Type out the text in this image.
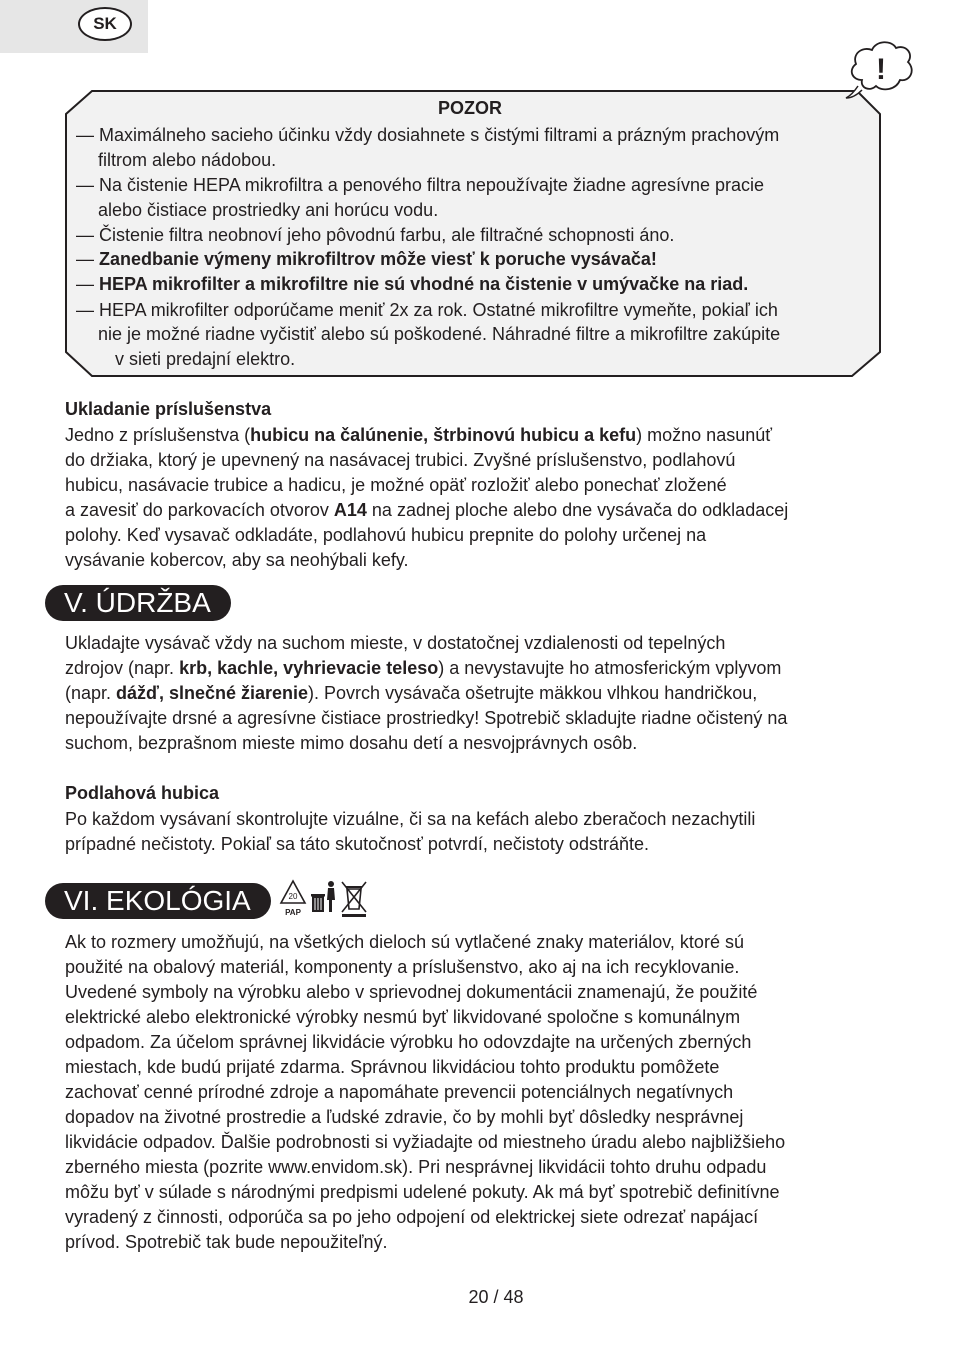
SK
!
POZOR
— Maximálneho sacieho účinku vždy dosiahnete s čistými filtrami a prázným prachovým
filtrom alebo nádobou.
— Na čistenie HEPA mikrofiltra a penového filtra nepoužívajte žiadne agresívne pracie
alebo čistiace prostriedky ani horúcu vodu.
— Čistenie filtra neobnoví jeho pôvodnú farbu, ale filtračné schopnosti áno.
— Zanedbanie výmeny mikrofiltrov môže viesť k poruche vysávača!
— HEPA mikrofilter a mikrofiltre nie sú vhodné na čistenie v umývačke na riad.
— HEPA mikrofilter odporúčame meniť 2x za rok. Ostatné mikrofiltre vymeňte, pokiaľ ich
nie je možné riadne vyčistiť alebo sú poškodené. Náhradné filtre a mikrofiltre zakúpite
v sieti predajní elektro.
Ukladanie príslušenstva
Jedno z príslušenstva (hubicu na čalúnenie, štrbinovú hubicu a kefu) možno nasunúť
do držiaka, ktorý je upevnený na nasávacej trubici. Zvyšné príslušenstvo, podlahovú
hubicu, nasávacie trubice a hadicu, je možné opäť rozložiť alebo ponechať zložené
a zavesiť do parkovacích otvorov A14 na zadnej ploche alebo dne vysávača do odkladacej
polohy. Keď vysavač odkladáte, podlahovú hubicu prepnite do polohy určenej na
vysávanie kobercov, aby sa neohýbali kefy.
V. ÚDRŽBA
Ukladajte vysávač vždy na suchom mieste, v dostatočnej vzdialenosti od tepelných
zdrojov (napr. krb, kachle, vyhrievacie teleso) a nevystavujte ho atmosferickým vplyvom
(napr. dážď, slnečné žiarenie). Povrch vysávača ošetrujte mäkkou vlhkou handričkou,
nepoužívajte drsné a agresívne čistiace prostriedky! Spotrebič skladujte riadne očistený na
suchom, bezprašnom mieste mimo dosahu detí a nesvojprávnych osôb.
Podlahová hubica
Po každom vysávaní skontrolujte vizuálne, či sa na kefách alebo zberačoch nezachytili
prípadné nečistoty. Pokiaľ sa táto skutočnosť potvrdí, nečistoty odstráňte.
VI. EKOLÓGIA	20
PAP
Ak to rozmery umožňujú, na všetkých dieloch sú vytlačené znaky materiálov, ktoré sú
použité na obalový materiál, komponenty a príslušenstvo, ako aj na ich recyklovanie.
Uvedené symboly na výrobku alebo v sprievodnej dokumentácii znamenajú, že použité
elektrické alebo elektronické výrobky nesmú byť likvidované spoločne s komunálnym
odpadom. Za účelom správnej likvidácie výrobku ho odovzdajte na určených zberných
miestach, kde budú prijaté zdarma. Správnou likvidáciou tohto produktu pomôžete
zachovať cenné prírodné zdroje a napomáhate prevencii potenciálnych negatívnych
dopadov na životné prostredie a ľudské zdravie, čo by mohli byť dôsledky nesprávnej
likvidácie odpadov. Ďalšie podrobnosti si vyžiadajte od miestneho úradu alebo najbližšieho
zberného miesta (pozrite www.envidom.sk). Pri nesprávnej likvidácii tohto druhu odpadu
môžu byť v súlade s národnými predpismi udelené pokuty. Ak má byť spotrebič definitívne
vyradený z činnosti, odporúča sa po jeho odpojení od elektrickej siete odrezať napájací
prívod. Spotrebič tak bude nepoužiteľný.
20 / 48
